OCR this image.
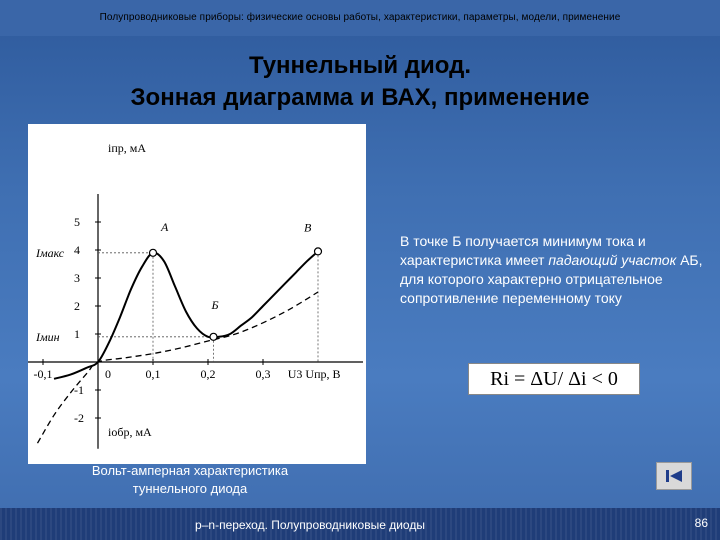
Полупроводниковые приборы: физические основы работы, характеристики, параметры, модели, применение
Туннельный диод.
Зонная диаграмма и ВАХ, применение
-0,1	0	0,1	0,2	0,3
1
2
3
4
5
-1
-2
iпр, мА
iобр, мА
U3 Uпр, В
Iмакс
Iмин
А
Б
В
В точке Б получается минимум тока и характеристика имеет падающий участок АБ, для которого характерно отрицательное сопротивление переменному току
Ri = ΔU/ Δi < 0
Вольт-амперная характеристика
туннельного диода
p–n-переход. Полупроводниковые диоды	86
